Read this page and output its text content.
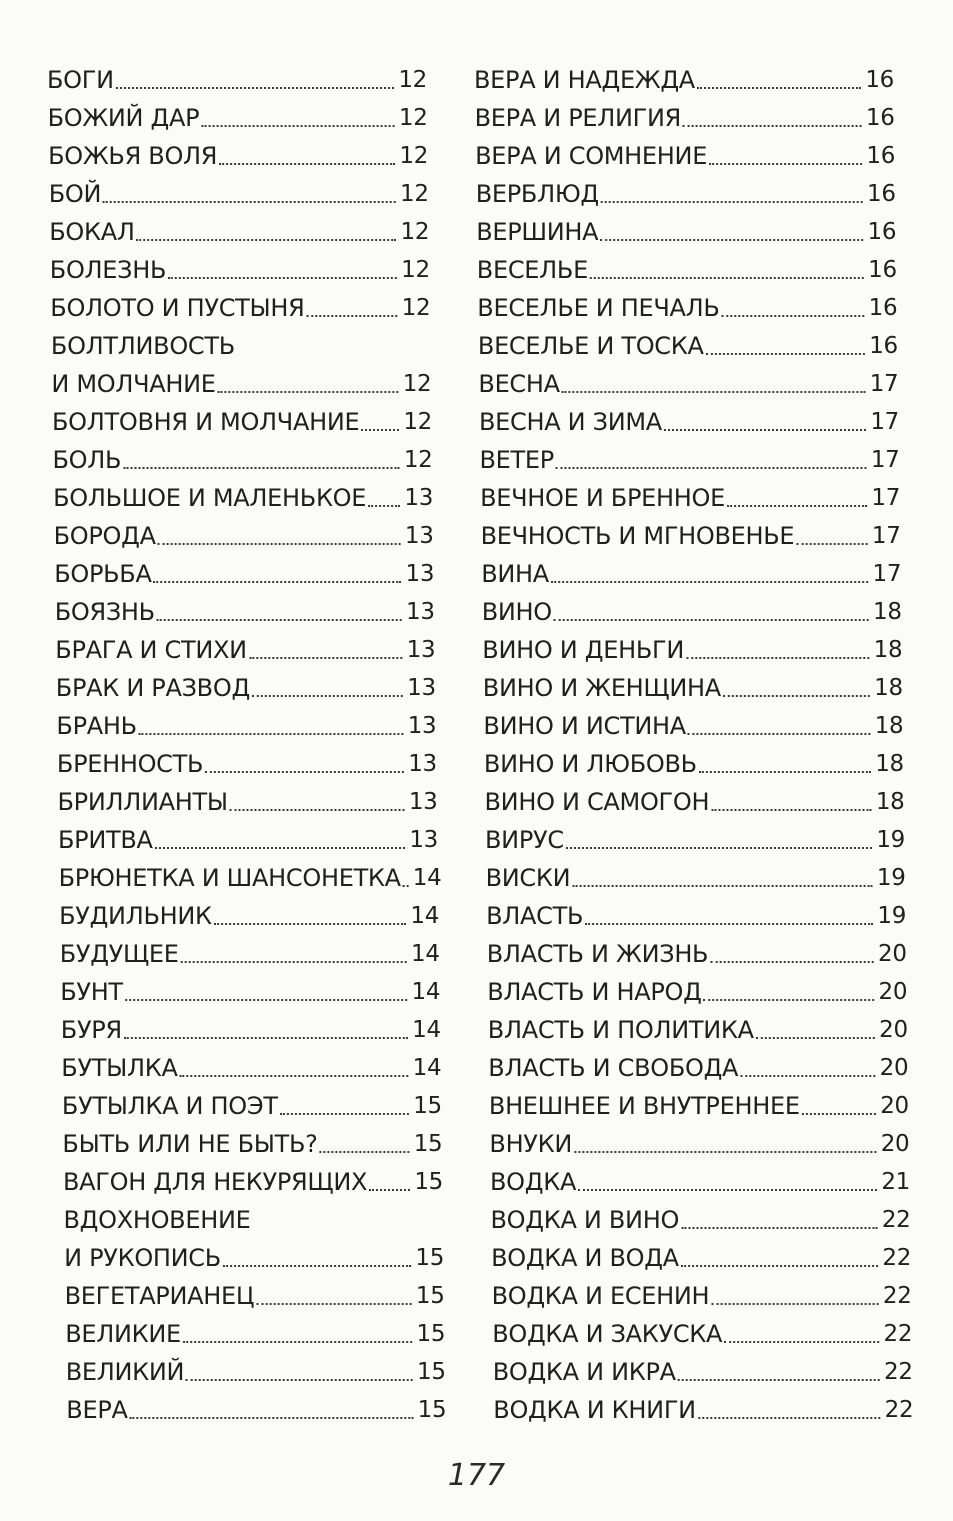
БОГИ	12
БОЖИЙ ДАР	12
БОЖЬЯ ВОЛЯ	12
БОЙ	12
БОКАЛ	12
БОЛЕЗНЬ	12
БОЛОТО И ПУСТЫНЯ	12
БОЛТЛИВОСТЬ
И МОЛЧАНИЕ	12
БОЛТОВНЯ И МОЛЧАНИЕ 12
БОЛЬ	12
БОЛЬШОЕ И МАЛЕНЬКОЕ 13
БОРОДА	13
БОРЬБА	13
БОЯЗНЬ	13
БРАГА И СТИХИ	13
БРАК И РАЗВОД	13
БРАНЬ	13
БРЕННОСТЬ	13
БРИЛЛИАНТЫ	13
БРИТВА	13
БРЮНЕТКА И ШАНСОНЕТКА 14
БУДИЛЬНИК	14
БУДУЩЕЕ	14
БУНТ	14
БУРЯ	14
БУТЫЛКА	14
БУТЫЛКА И ПОЭТ	15
БЫТЬ ИЛИ НЕ БЫТЬ?	15
ВАГОН ДЛЯ НЕКУРЯЩИХ 15
ВДОХНОВЕНИЕ
И РУКОПИСЬ	15
ВЕГЕТАРИАНЕЦ	15
ВЕЛИКИЕ	15
ВЕЛИКИЙ	15
ВЕРА	15
ВЕРА И НАДЕЖДА	16
ВЕРА И РЕЛИГИЯ	16
ВЕРА И СОМНЕНИЕ	16
ВЕРБЛЮД	16
ВЕРШИНА	16
ВЕСЕЛЬЕ	16
ВЕСЕЛЬЕ И ПЕЧАЛЬ	16
ВЕСЕЛЬЕ И ТОСКА	16
ВЕСНА	17
ВЕСНА И ЗИМА	17
ВЕТЕР	17
ВЕЧНОЕ И БРЕННОЕ	17
ВЕЧНОСТЬ И МГНОВЕНЬЕ	17
ВИНА	17
ВИНО	18
ВИНО И ДЕНЬГИ	18
ВИНО И ЖЕНЩИНА	18
ВИНО И ИСТИНА	18
ВИНО И ЛЮБОВЬ	18
ВИНО И САМОГОН	18
ВИРУС	19
ВИСКИ	19
ВЛАСТЬ	19
ВЛАСТЬ И ЖИЗНЬ	20
ВЛАСТЬ И НАРОД	20
ВЛАСТЬ И ПОЛИТИКА	20
ВЛАСТЬ И СВОБОДА	20
ВНЕШНЕЕ И ВНУТРЕННЕЕ	20
ВНУКИ	20
ВОДКА	21
ВОДКА И ВИНО	22
ВОДКА И ВОДА	22
ВОДКА И ЕСЕНИН	22
ВОДКА И ЗАКУСКА	22
ВОДКА И ИКРА	22
ВОДКА И КНИГИ	22
177
